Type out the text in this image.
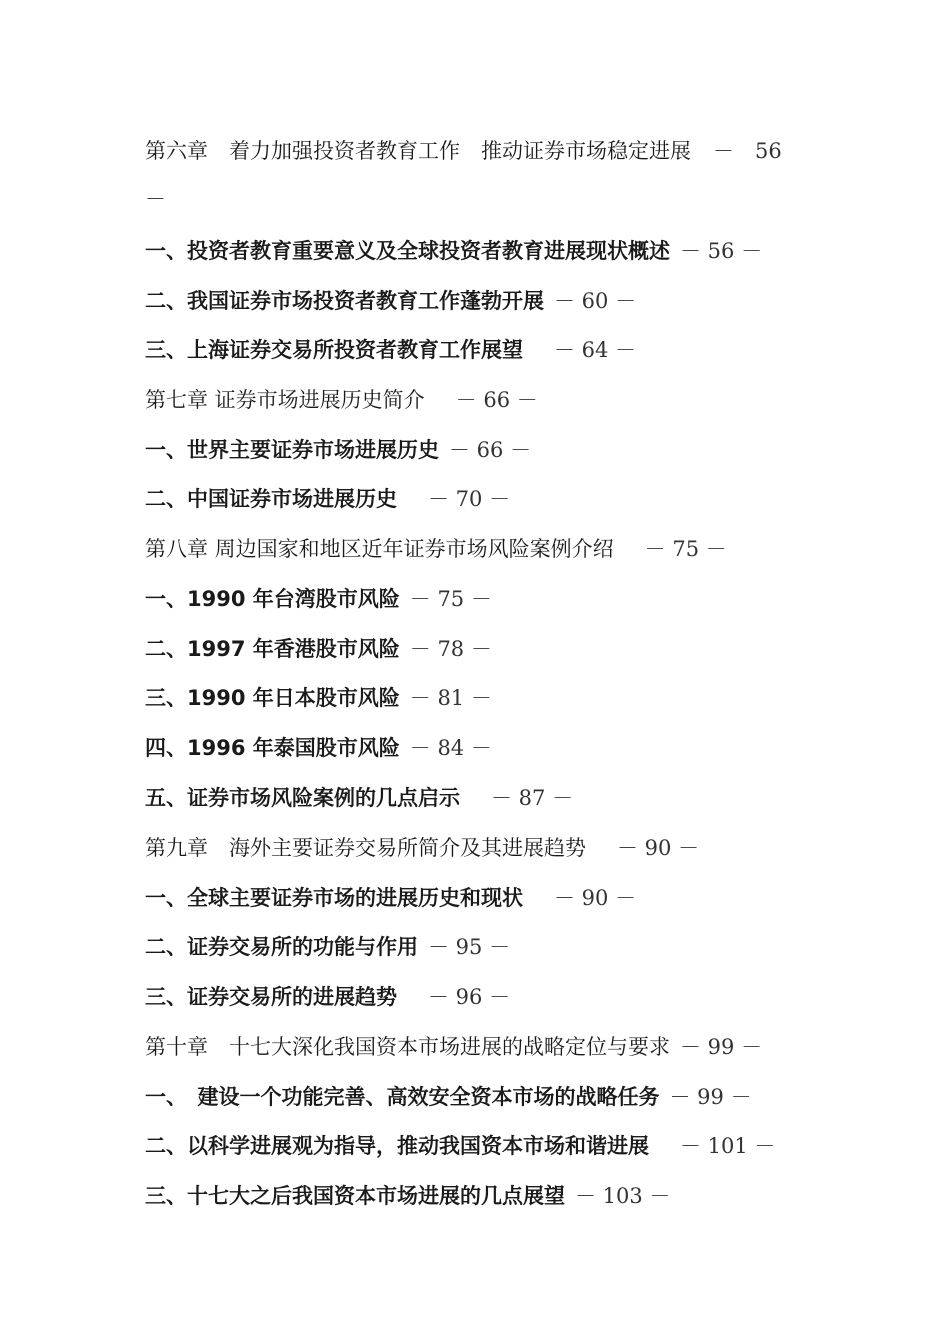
第六章　着力加强投资者教育工作　推动证券市场稳定进展 －　56
－
一、投资者教育重要意义及全球投资者教育进展现状概述 － 56 －
二、我国证券市场投资者教育工作蓬勃开展 － 60 －
三、上海证券交易所投资者教育工作展望　－ 64 －
第七章 证券市场进展历史简介　－ 66 －
一、世界主要证券市场进展历史 － 66 －
二、中国证券市场进展历史　－ 70 －
第八章 周边国家和地区近年证券市场风险案例介绍　－ 75 －
一、1990 年台湾股市风险 － 75 －
二、1997 年香港股市风险 － 78 －
三、1990 年日本股市风险 － 81 －
四、1996 年泰国股市风险 － 84 －
五、证券市场风险案例的几点启示　－ 87 －
第九章　海外主要证券交易所简介及其进展趋势　－ 90 －
一、全球主要证券市场的进展历史和现状　－ 90 －
二、证券交易所的功能与作用 － 95 －
三、证券交易所的进展趋势　－ 96 －
第十章　十七大深化我国资本市场进展的战略定位与要求 － 99 －
一、　建设一个功能完善、高效安全资本市场的战略任务 － 99 －
二、以科学进展观为指导，推动我国资本市场和谐进展　－ 101 －
三、十七大之后我国资本市场进展的几点展望 － 103 －
